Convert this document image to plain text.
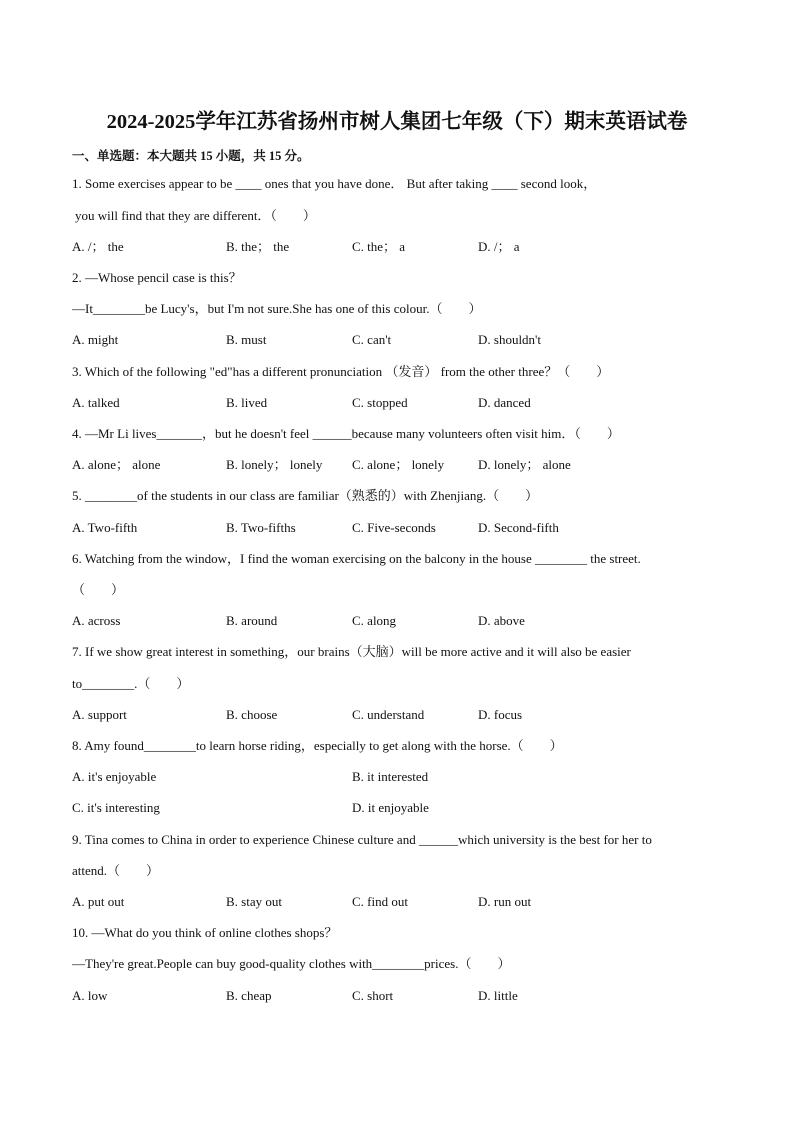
2024-2025学年江苏省扬州市树人集团七年级（下）期末英语试卷
一、单选题：本大题共 15 小题，共 15 分。
1. Some exercises appear to be ____ ones that you have done． But after taking ____ second look，
you will find that they are different．（　　）
A. /； the	B. the； the	C. the； a	D. /； a
2. —Whose pencil case is this？
—It________be Lucy's，but I'm not sure.She has one of this colour.（　　）
A. might	B. must	C. can't	D. shouldn't
3. Which of the following "ed"has a different pronunciation （发音） from the other three？（　　）
A. talked	B. lived	C. stopped	D. danced
4. —Mr Li lives_______，but he doesn't feel ______because many volunteers often visit him．（　　）
A. alone； alone	B. lonely； lonely C. alone； lonely	D. lonely； alone
5. ________of the students in our class are familiar（熟悉的）with Zhenjiang.（　　）
A. Two-fifth	B. Two-fifths	C. Five-seconds	D. Second-fifth
6. Watching from the window，I find the woman exercising on the balcony in the house ________ the street.
（　　）
A. across	B. around	C. along	D. above
7. If we show great interest in something，our brains（大脑）will be more active and it will also be easier
to________.（　　）
A. support	B. choose	C. understand	D. focus
8. Amy found________to learn horse riding，especially to get along with the horse.（　　）
A. it's enjoyable	B. it interested
C. it's interesting	D. it enjoyable
9. Tina comes to China in order to experience Chinese culture and ______which university is the best for her to
attend.（　　）
A. put out	B. stay out	C. find out	D. run out
10. —What do you think of online clothes shops？
—They're great.People can buy good-quality clothes with________prices.（　　）
A. low	B. cheap	C. short	D. little
